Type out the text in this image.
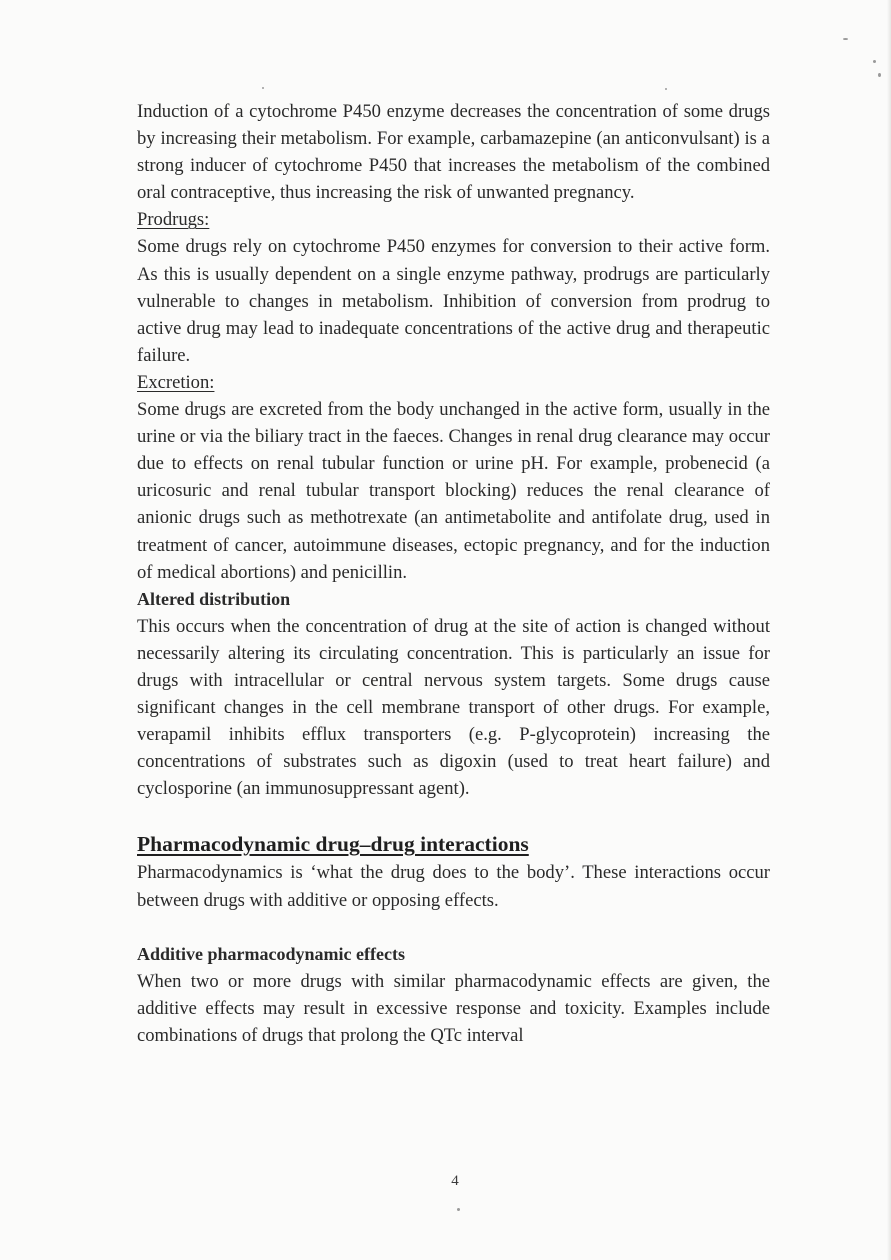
Induction of a cytochrome P450 enzyme decreases the concentration of some drugs by increasing their metabolism. For example, carbamazepine (an anticonvulsant) is a strong inducer of cytochrome P450 that increases the metabolism of the combined oral contraceptive, thus increasing the risk of unwanted pregnancy.

Prodrugs:

Some drugs rely on cytochrome P450 enzymes for conversion to their active form. As this is usually dependent on a single enzyme pathway, prodrugs are particularly vulnerable to changes in metabolism. Inhibition of conversion from prodrug to active drug may lead to inadequate concentrations of the active drug and therapeutic failure.

Excretion:

Some drugs are excreted from the body unchanged in the active form, usually in the urine or via the biliary tract in the faeces. Changes in renal drug clearance may occur due to effects on renal tubular function or urine pH. For example, probenecid (a uricosuric and renal tubular transport blocking) reduces the renal clearance of anionic drugs such as methotrexate (an antimetabolite and antifolate drug, used in treatment of cancer, autoimmune diseases, ectopic pregnancy, and for the induction of medical abortions) and penicillin.

Altered distribution

This occurs when the concentration of drug at the site of action is changed without necessarily altering its circulating concentration. This is particularly an issue for drugs with intracellular or central nervous system targets. Some drugs cause significant changes in the cell membrane transport of other drugs. For example, verapamil inhibits efflux transporters (e.g. P-glycoprotein) increasing the concentrations of substrates such as digoxin (used to treat heart failure) and cyclosporine (an immunosuppressant agent).

Pharmacodynamic drug–drug interactions

Pharmacodynamics is ‘what the drug does to the body’. These interactions occur between drugs with additive or opposing effects.

Additive pharmacodynamic effects

When two or more drugs with similar pharmacodynamic effects are given, the additive effects may result in excessive response and toxicity. Examples include combinations of drugs that prolong the QTc interval

4
